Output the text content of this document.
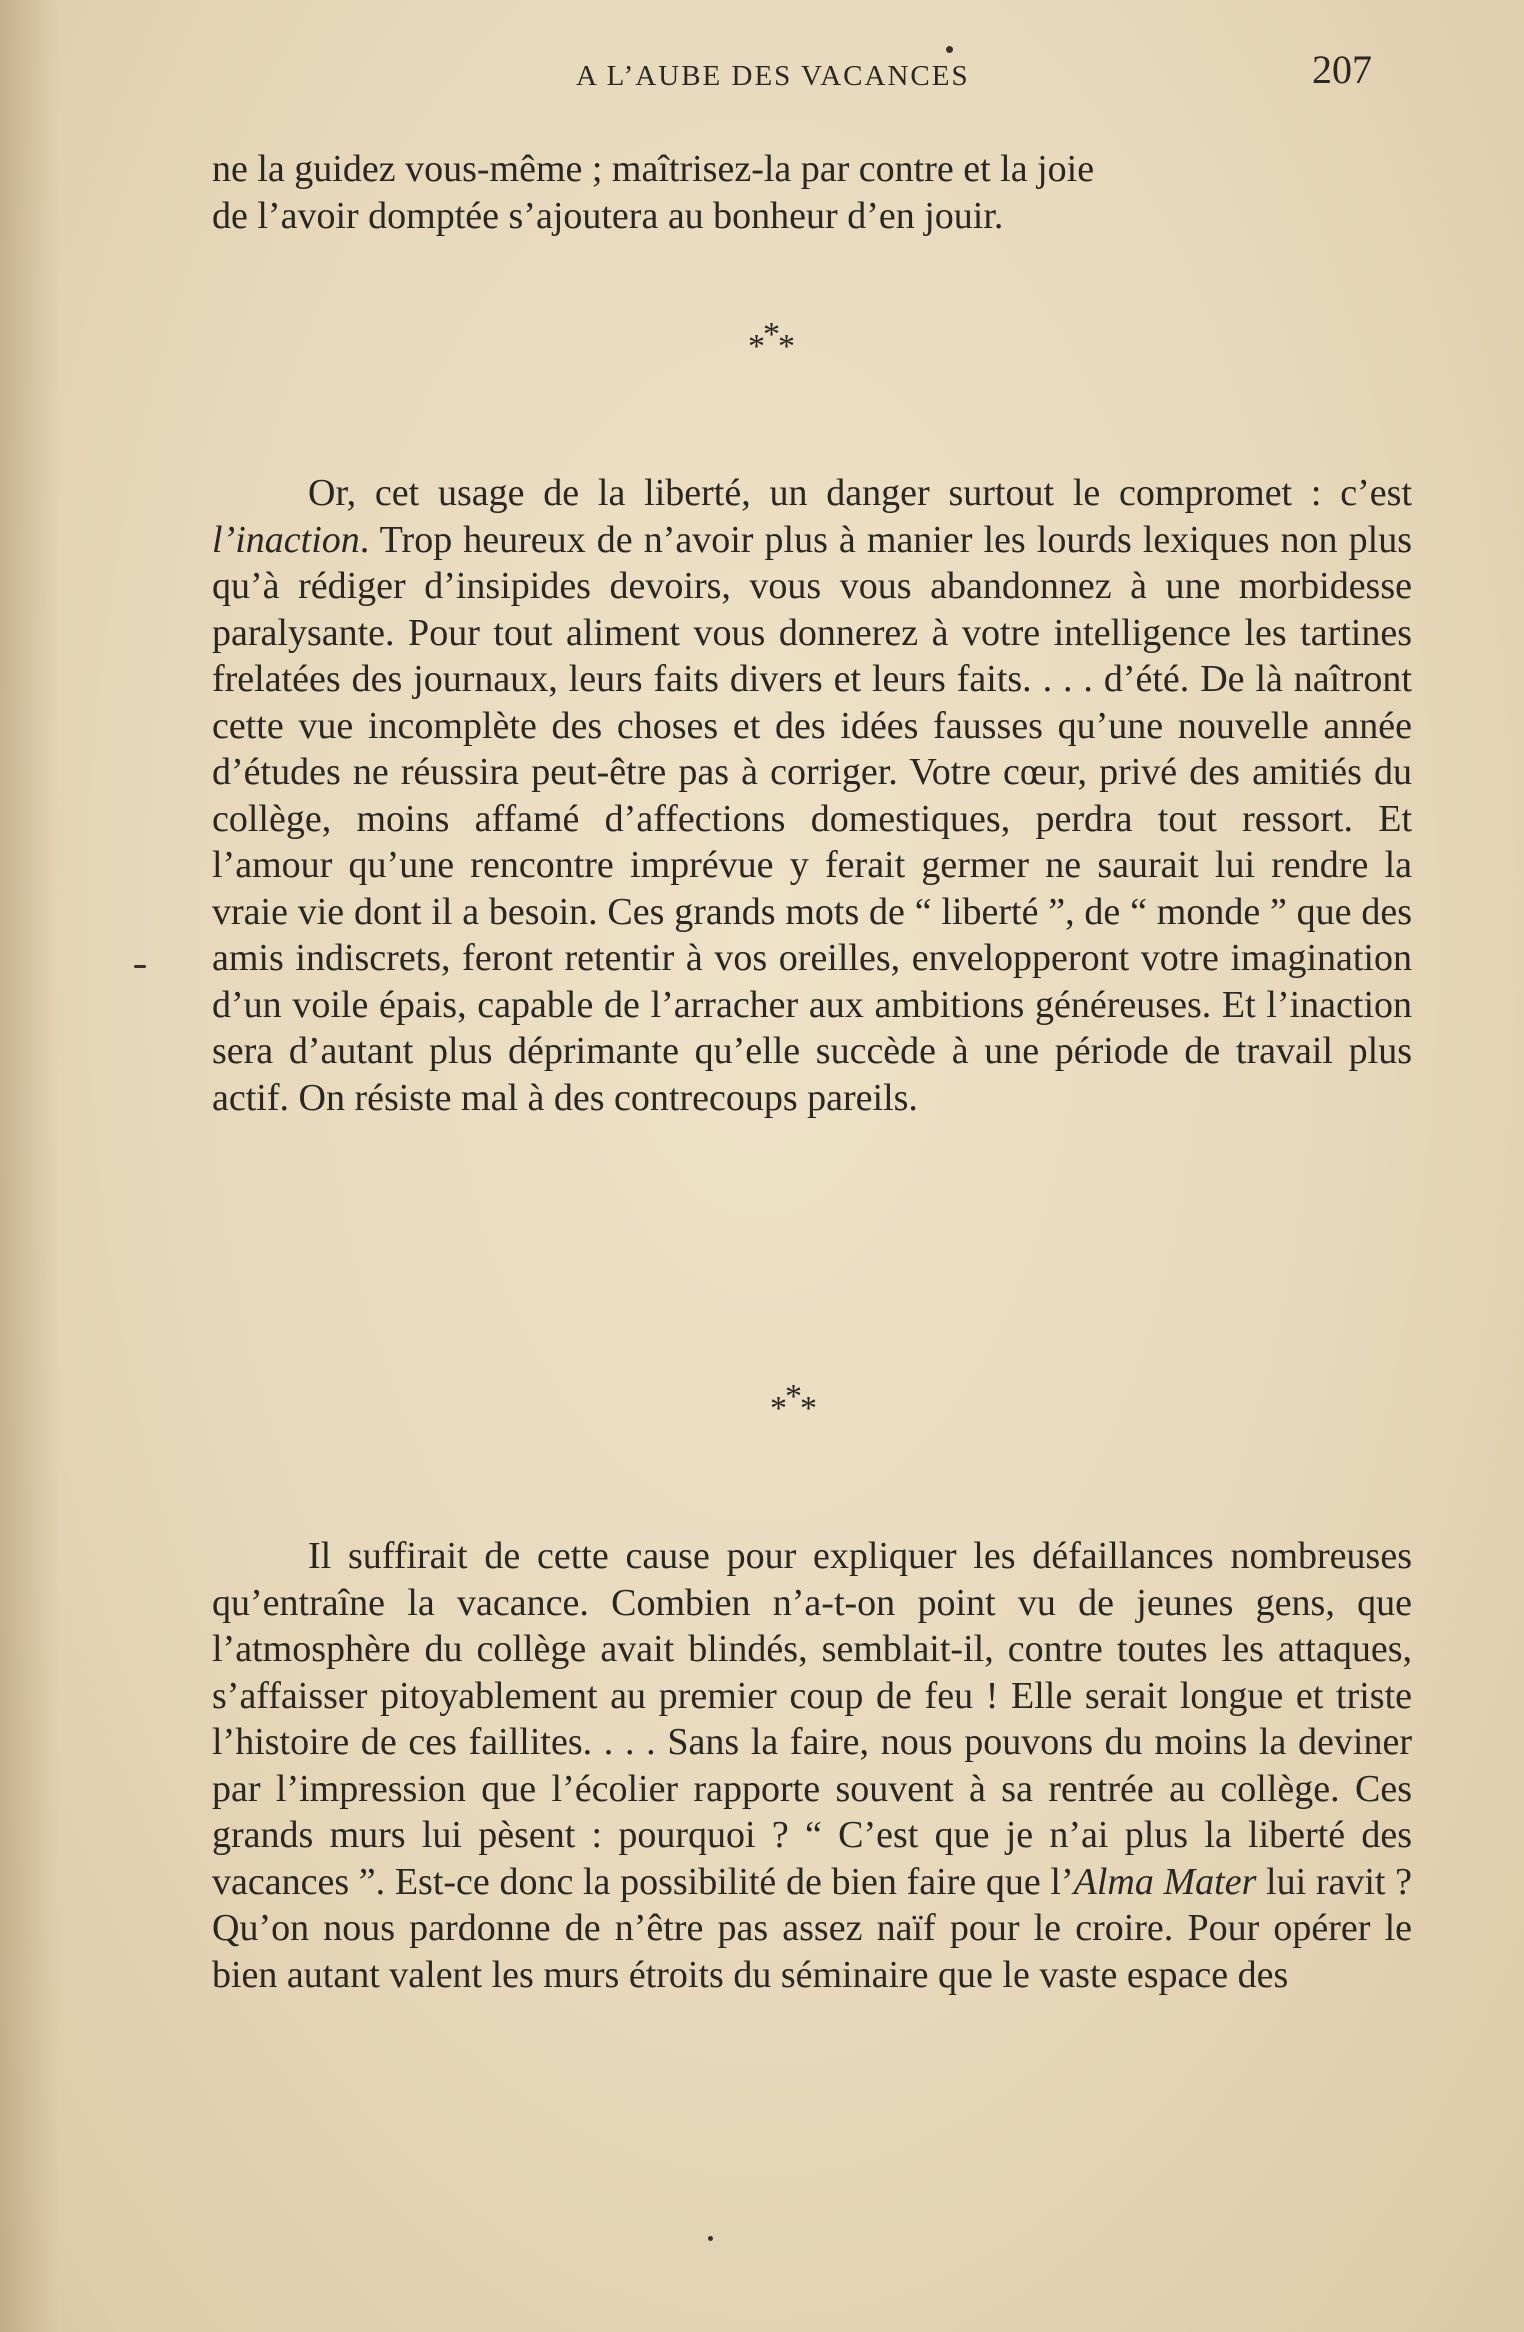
A L’AUBE DES VACANCES	207

ne la guidez vous-même ; maîtrisez-la par contre et la joie

de l’avoir domptée s’ajoutera au bonheur d’en jouir.

***

Or, cet usage de la liberté, un danger surtout le compromet : c’est l’inaction. Trop heureux de n’avoir plus à manier les lourds lexiques non plus qu’à rédiger d’insipides devoirs, vous vous abandonnez à une morbidesse paralysante. Pour tout aliment vous donnerez à votre intelligence les tartines frelatées des journaux, leurs faits divers et leurs faits. . . . d’été. De là naîtront cette vue incomplète des choses et des idées fausses qu’une nouvelle année d’études ne réussira peut-être pas à corriger. Votre cœur, privé des amitiés du collège, moins affamé d’affections domestiques, perdra tout ressort. Et l’amour qu’une rencontre imprévue y ferait germer ne saurait lui rendre la vraie vie dont il a besoin. Ces grands mots de “ liberté ”, de “ monde ” que des amis indiscrets, feront retentir à vos oreilles, envelopperont votre imagination d’un voile épais, capable de l’arracher aux ambitions généreuses. Et l’inaction sera d’autant plus déprimante qu’elle succède à une période de travail plus actif. On résiste mal à des contrecoups pareils.

***

Il suffirait de cette cause pour expliquer les défaillances nombreuses qu’entraîne la vacance. Combien n’a-t-on point vu de jeunes gens, que l’atmosphère du collège avait blindés, semblait-il, contre toutes les attaques, s’affaisser pitoyablement au premier coup de feu ! Elle serait longue et triste l’histoire de ces faillites. . . . Sans la faire, nous pouvons du moins la deviner par l’impression que l’écolier rapporte souvent à sa rentrée au collège. Ces grands murs lui pèsent : pourquoi ? “ C’est que je n’ai plus la liberté des vacances ”. Est-ce donc la possibilité de bien faire que l’Alma Mater lui ravit ? Qu’on nous pardonne de n’être pas assez naïf pour le croire. Pour opérer le bien autant valent les murs étroits du séminaire que le vaste espace des
